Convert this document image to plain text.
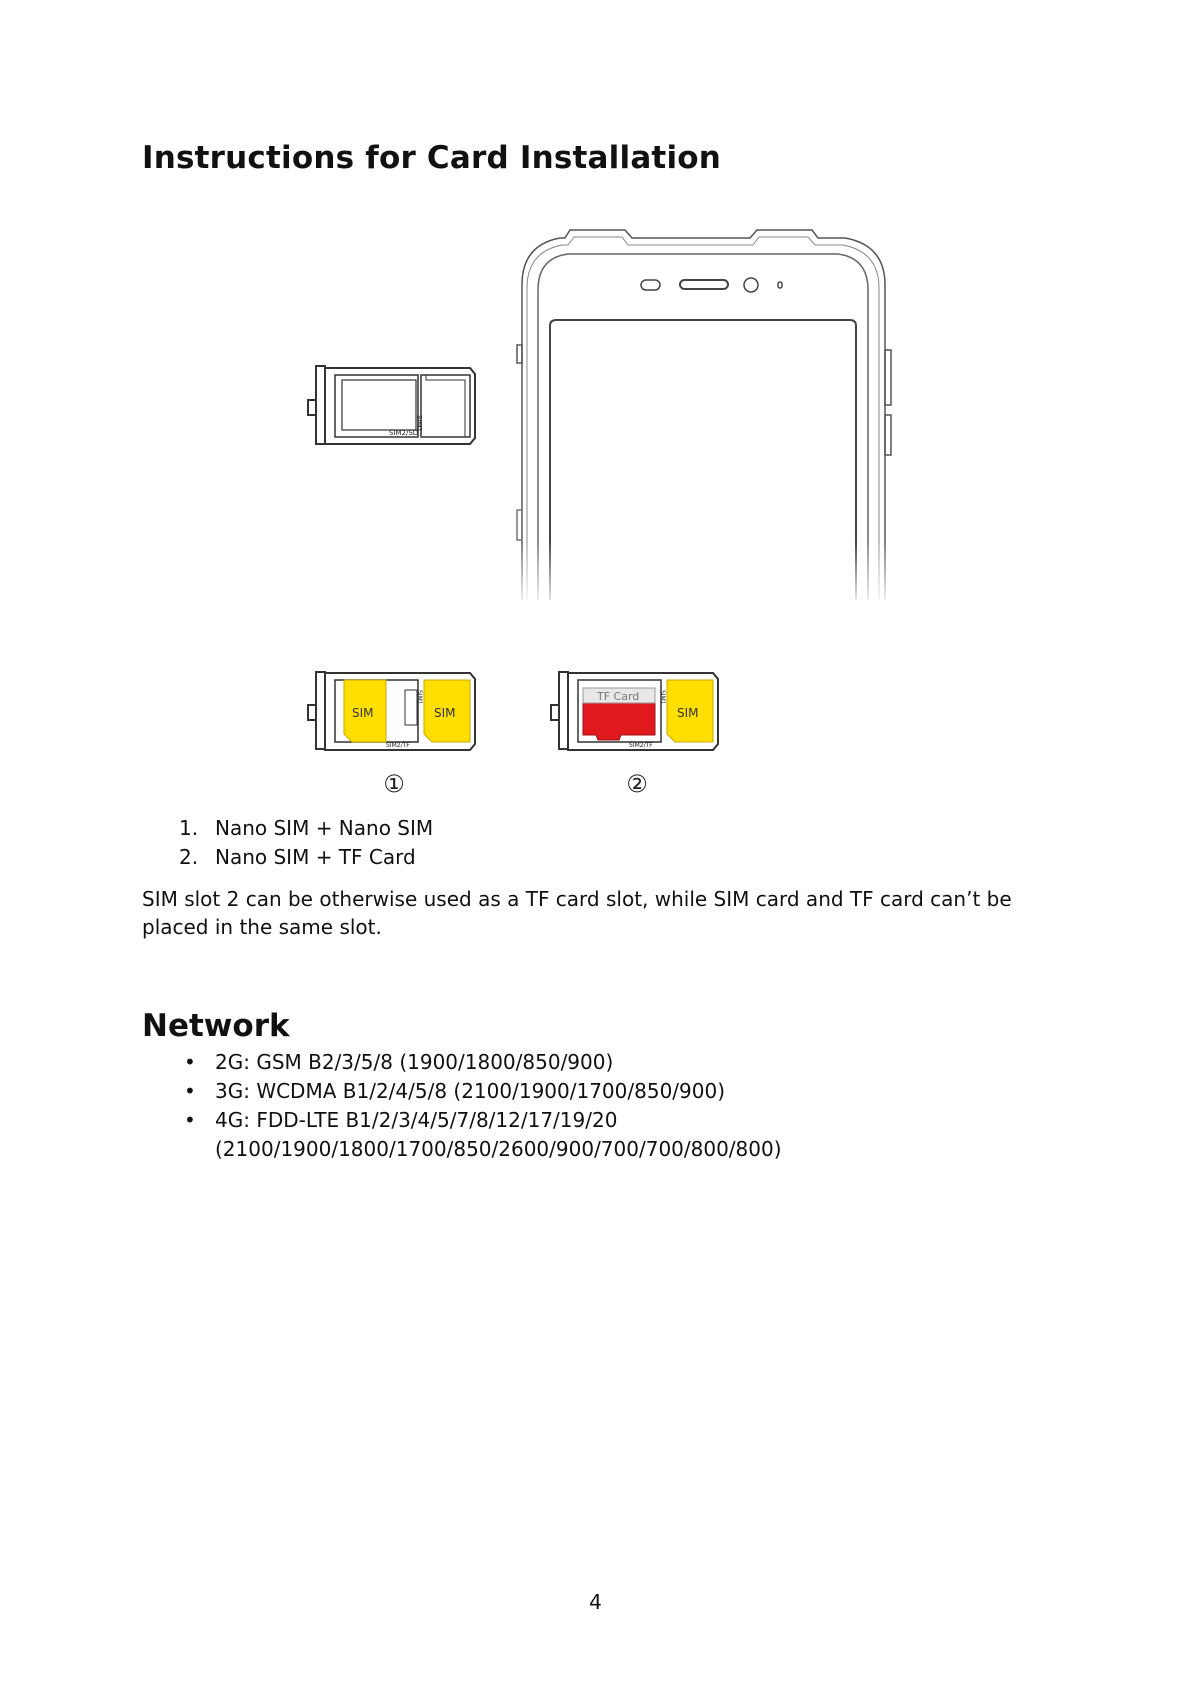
Instructions for Card Installation
SIM1
SIM2/SD
SIM	SIM
SIM1
SIM2/TF
①
TF Card
SIM
SIM1
SIM2/TF
②
1. Nano SIM + Nano SIM
2. Nano SIM + TF Card

SIM slot 2 can be otherwise used as a TF card slot, while SIM card and TF card can’t be placed in the same slot.

Network
• 2G: GSM B2/3/5/8 (1900/1800/850/900)
• 3G: WCDMA B1/2/4/5/8 (2100/1900/1700/850/900)
• 4G: FDD-LTE B1/2/3/4/5/7/8/12/17/19/20 (2100/1900/1800/1700/850/2600/900/700/700/800/800)
4
